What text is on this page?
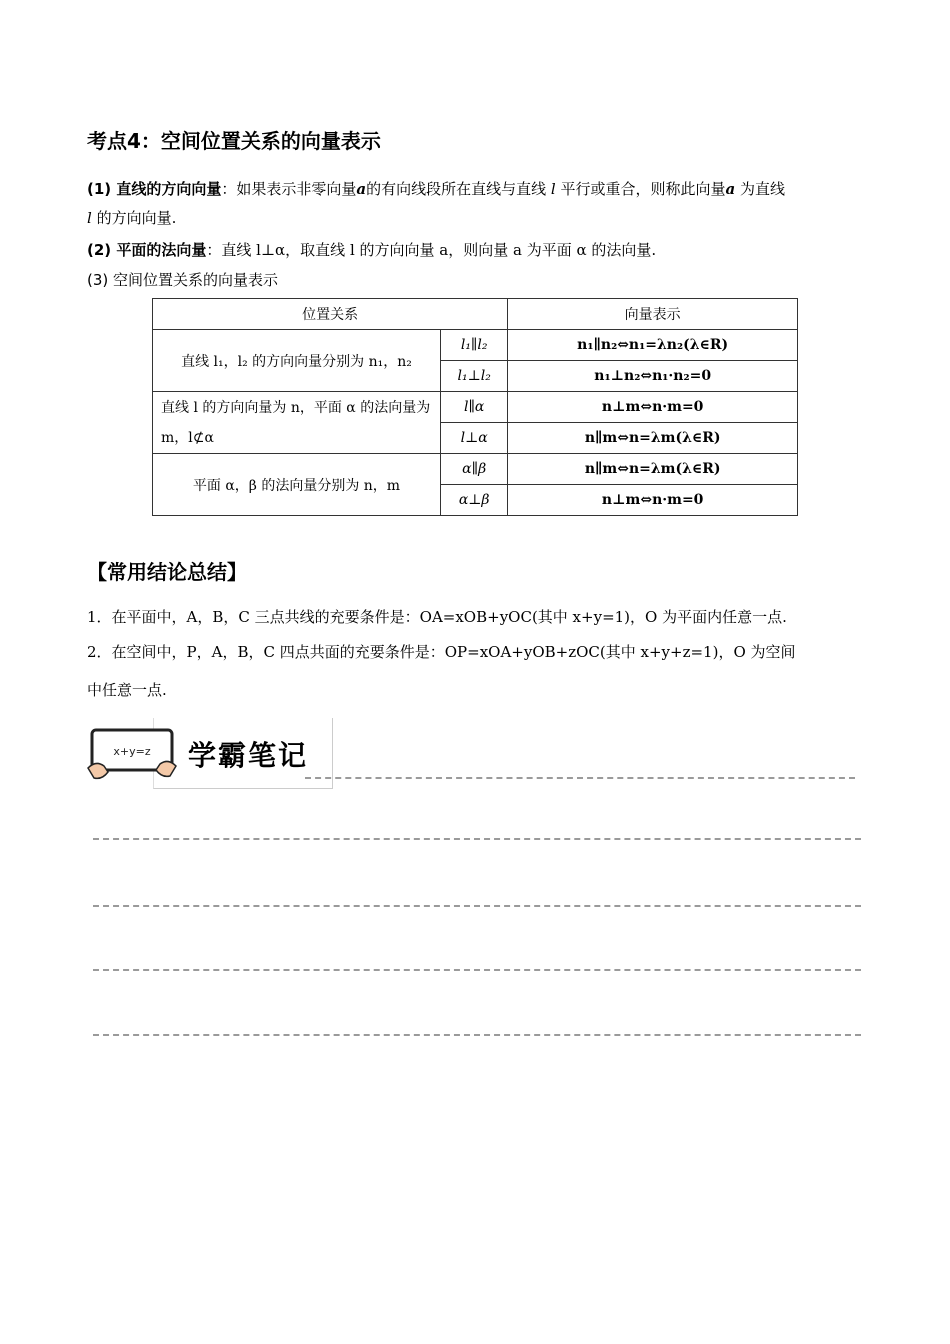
考点4：空间位置关系的向量表示
(1) 直线的方向向量：如果表示非零向量a的有向线段所在直线与直线 l 平行或重合，则称此向量a 为直线
l 的方向向量.
(2) 平面的法向量：直线 l⊥α，取直线 l 的方向向量 a，则向量 a 为平面 α 的法向量.
(3) 空间位置关系的向量表示
位置关系		向量表示
直线 l₁，l₂ 的方向向量分别为 n₁，n₂	l₁∥l₂	n₁∥n₂⇔n₁=λn₂(λ∈R)
	l₁⊥l₂	n₁⊥n₂⇔n₁·n₂=0
直线 l 的方向向量为 n，平面 α 的法向量为 m，l⊄α	l∥α	n⊥m⇔n·m=0
	l⊥α	n∥m⇔n=λm(λ∈R)
平面 α，β 的法向量分别为 n，m	α∥β	n∥m⇔n=λm(λ∈R)
	α⊥β	n⊥m⇔n·m=0
【常用结论总结】
1．在平面中，A，B，C 三点共线的充要条件是：OA=xOB+yOC(其中 x+y=1)，O 为平面内任意一点.
2．在空间中，P，A，B，C 四点共面的充要条件是：OP=xOA+yOB+zOC(其中 x+y+z=1)，O 为空间
中任意一点.
x+y=z 学霸笔记
